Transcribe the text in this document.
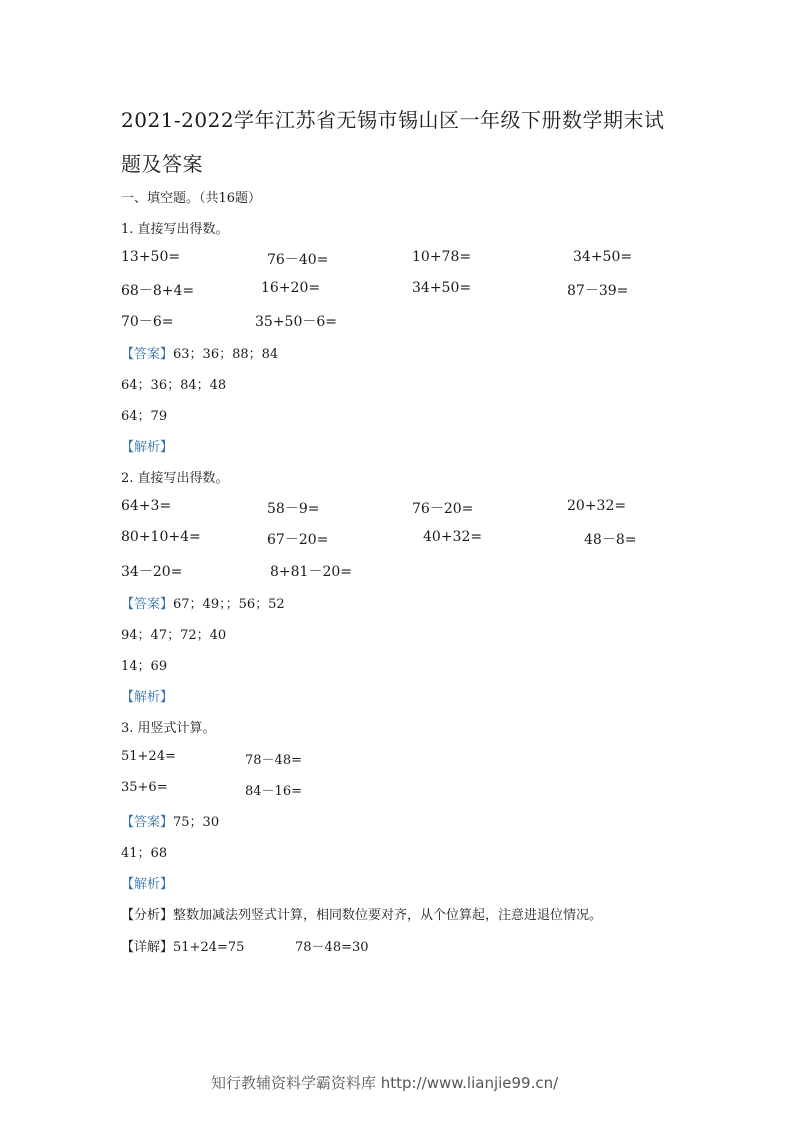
2021-2022学年江苏省无锡市锡山区一年级下册数学期末试
题及答案
一、填空题。（共16题）
1. 直接写出得数。
13+50=	76－40=	10+78=	34+50=
68－8+4=	16+20=	34+50=	87－39=
70－6=	35+50－6=
【答案】63；36；88；84
64；36；84；48
64；79
【解析】
2. 直接写出得数。
64+3=	58－9=	76－20=	20+32=
80+10+4=	67－20=	40+32=	48－8=
34－20=	8+81－20=
【答案】67；49；；56；52
94；47；72；40
14；69
【解析】
3. 用竖式计算。
51+24=	78－48=
35+6=	84－16=
【答案】75；30
41；68
【解析】
【分析】整数加减法列竖式计算，相同数位要对齐，从个位算起，注意进退位情况。
【详解】51+24=75	78－48=30
知行教辅资料学霸资料库 http://www.lianjie99.cn/
